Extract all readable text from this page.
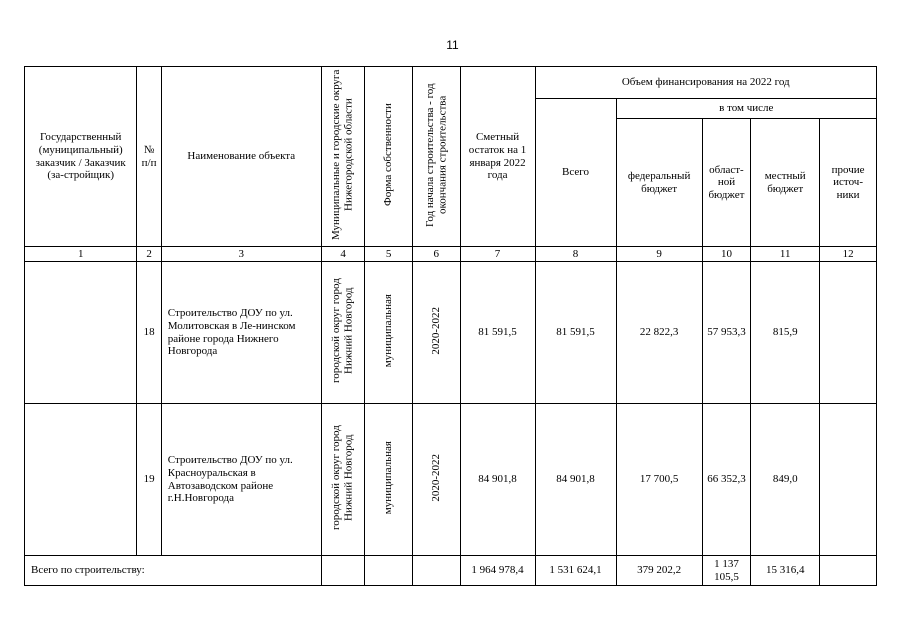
11
Государственный (муниципальный) заказчик / Заказчик (за-стройщик)	№ п/п	Наименование объекта	Муниципальные и городские округа Нижегородской области	Форма собственности	Год начала строительства - год окончания строительства	Сметный остаток на 1 января 2022 года	Объем финансирования на 2022 год				
							Всего	в том числе			
								федеральный бюджет	област-ной бюджет	местный бюджет	прочие источ-ники
1	2	3	4	5	6	7	8	9	10	11	12
	18	Строительство ДОУ по ул. Молитовская в Ле-нинском районе города Нижнего Новгорода	городской округ город Нижний Новгород	муниципальная	2020-2022	81 591,5	81 591,5	22 822,3	57 953,3	815,9	
	19	Строительство ДОУ по ул. Красноуральская в Автозаводском районе г.Н.Новгорода	городской округ город Нижний Новгород	муниципальная	2020-2022	84 901,8	84 901,8	17 700,5	66 352,3	849,0	
Всего по строительству:						1 964 978,4	1 531 624,1	379 202,2	1 137 105,5	15 316,4	
